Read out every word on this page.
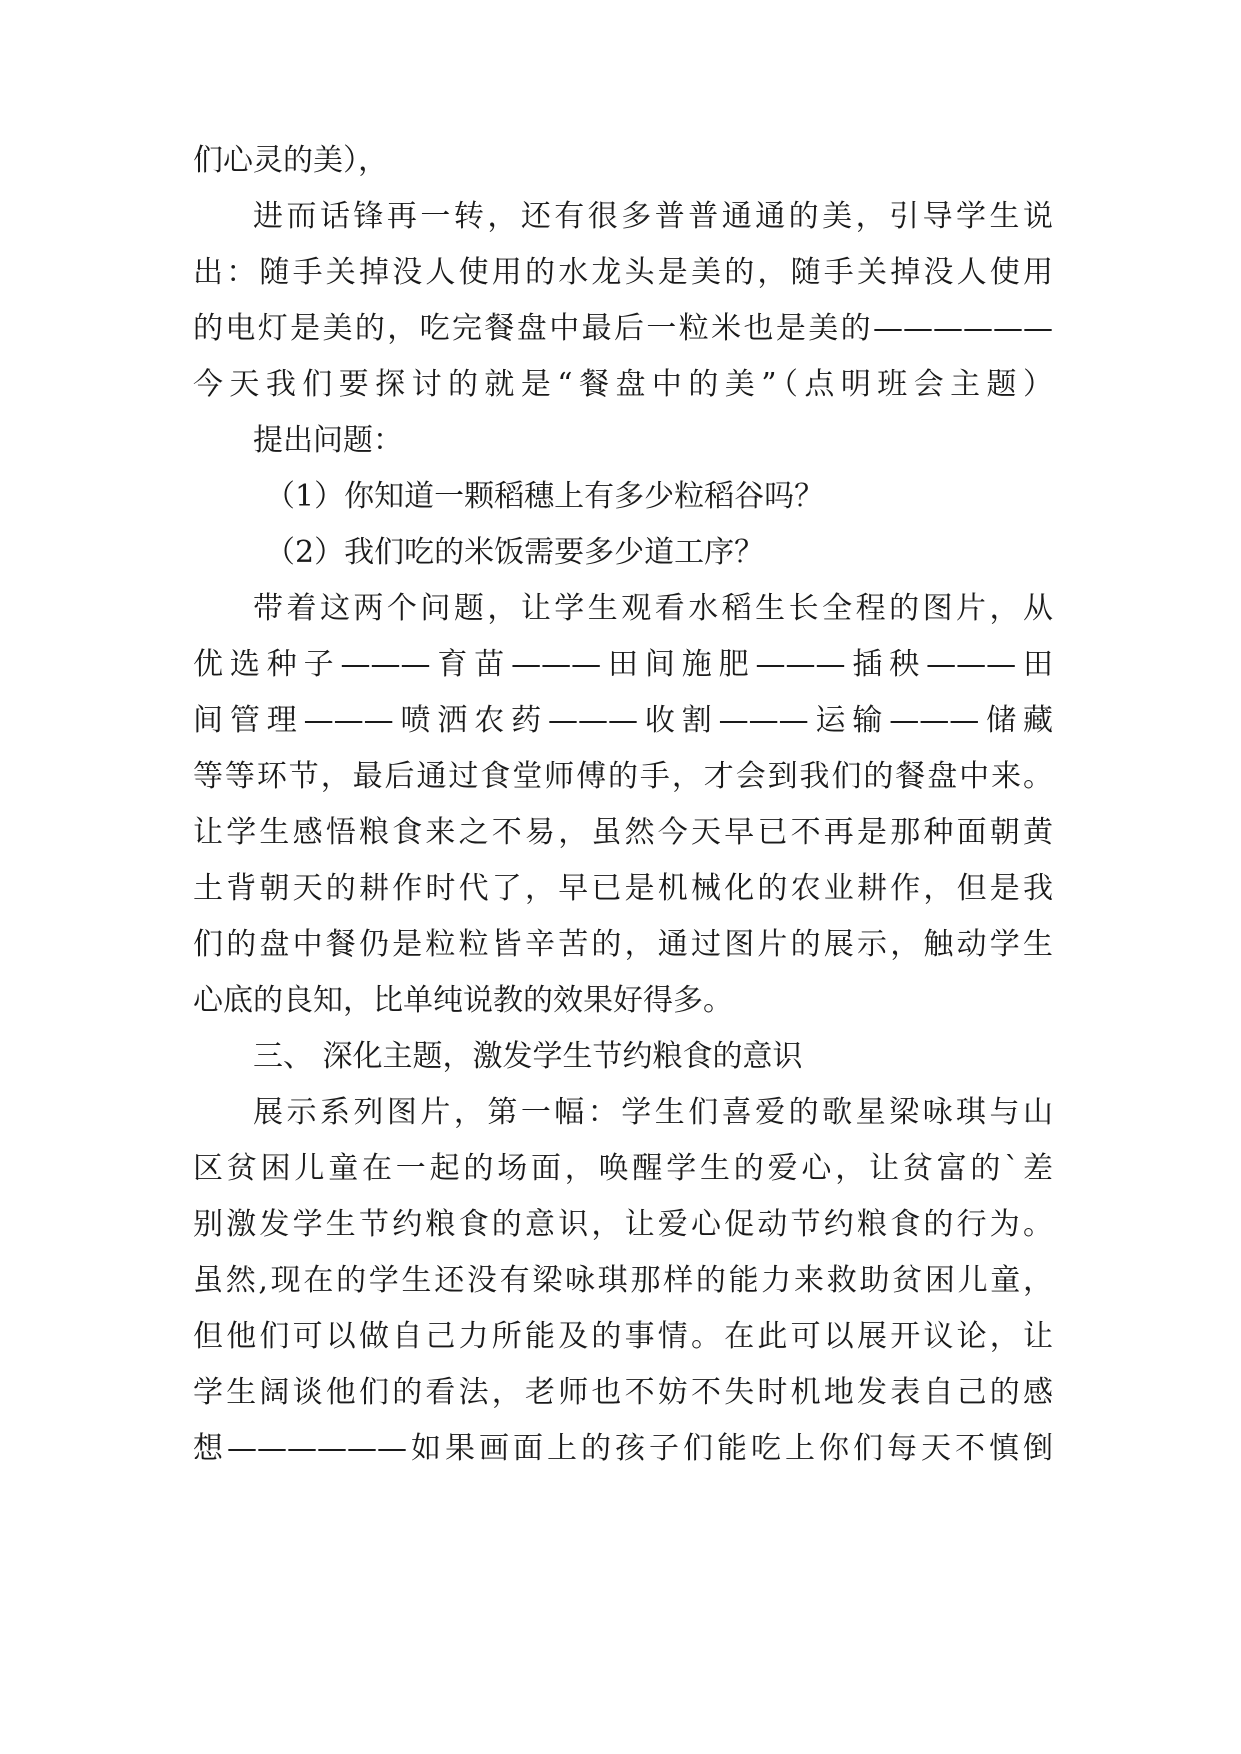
们心灵的美），
进而话锋再一转，还有很多普普通通的美，引导学生说
出：随手关掉没人使用的水龙头是美的，随手关掉没人使用
的电灯是美的，吃完餐盘中最后一粒米也是美的——————
今天我们要探讨的就是“餐盘中的美”（点明班会主题）
提出问题：
（1）你知道一颗稻穗上有多少粒稻谷吗？
（2）我们吃的米饭需要多少道工序？
带着这两个问题，让学生观看水稻生长全程的图片，从
优选种子———育苗———田间施肥———插秧———田
间管理———喷洒农药———收割———运输———储藏
等等环节，最后通过食堂师傅的手，才会到我们的餐盘中来。
让学生感悟粮食来之不易，虽然今天早已不再是那种面朝黄
土背朝天的耕作时代了，早已是机械化的农业耕作，但是我
们的盘中餐仍是粒粒皆辛苦的，通过图片的展示，触动学生
心底的良知，比单纯说教的效果好得多。
三、 深化主题，激发学生节约粮食的意识
展示系列图片，第一幅：学生们喜爱的歌星梁咏琪与山
区贫困儿童在一起的场面，唤醒学生的爱心，让贫富的`差
别激发学生节约粮食的意识，让爱心促动节约粮食的行为。
虽然,现在的学生还没有梁咏琪那样的能力来救助贫困儿童，
但他们可以做自己力所能及的事情。在此可以展开议论，让
学生阔谈他们的看法，老师也不妨不失时机地发表自己的感
想——————如果画面上的孩子们能吃上你们每天不慎倒
